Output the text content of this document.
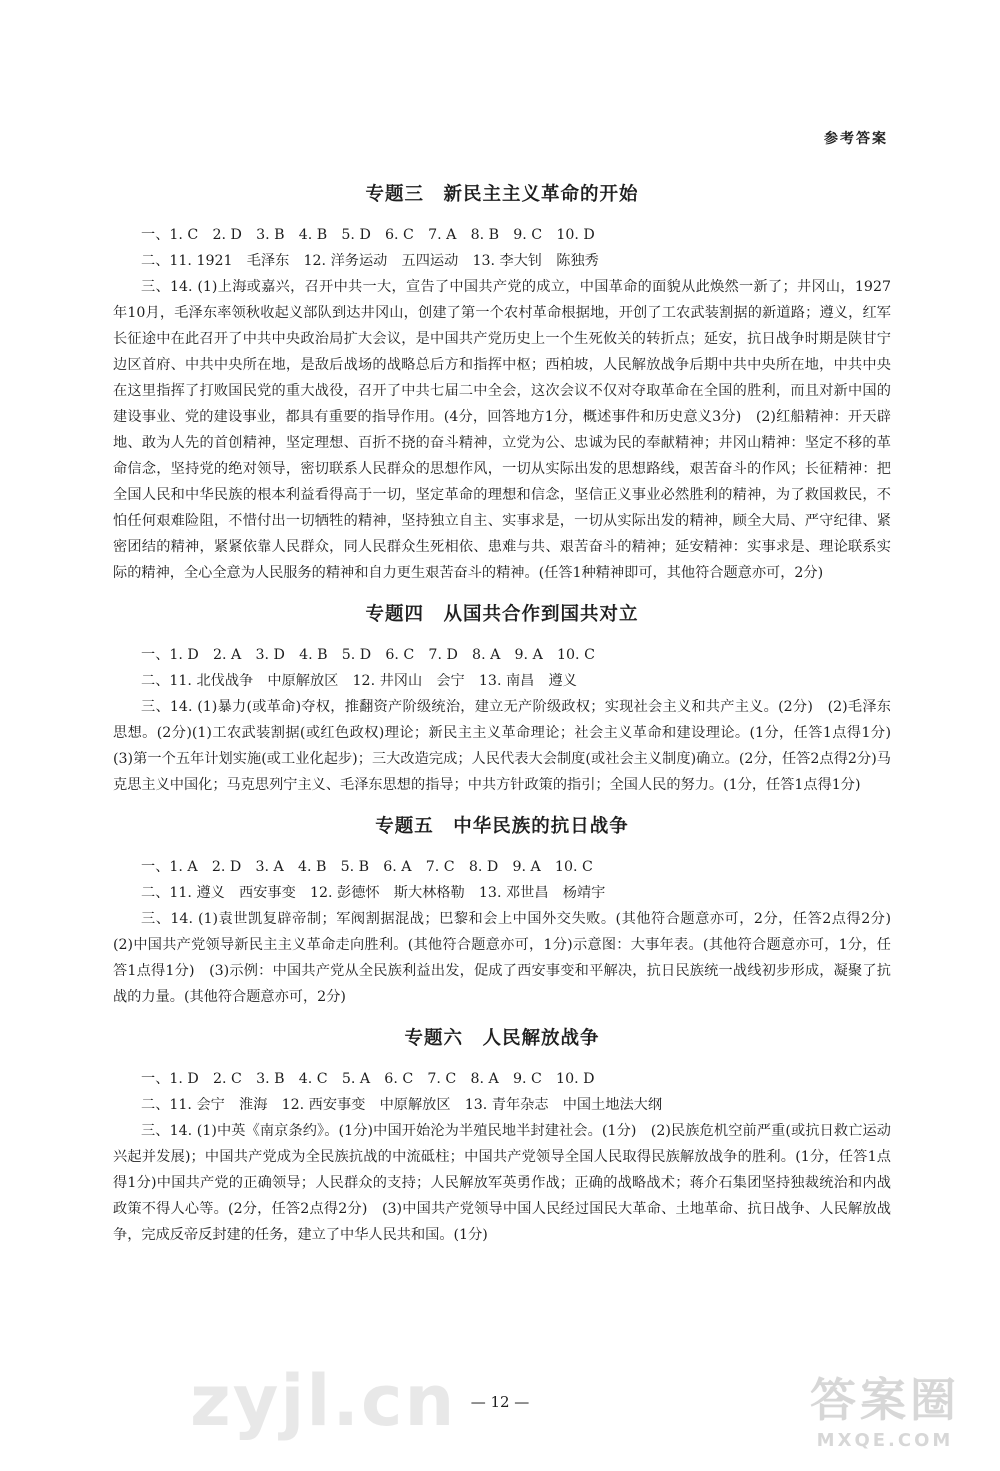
参考答案
专题三　新民主主义革命的开始

一、1. C　2. D　3. B　4. B　5. D　6. C　7. A　8. B　9. C　10. D

二、11. 1921　毛泽东　12. 洋务运动　五四运动　13. 李大钊　陈独秀

三、14. (1)上海或嘉兴，召开中共一大，宣告了中国共产党的成立，中国革命的面貌从此焕然一新了；井冈山，1927年10月，毛泽东率领秋收起义部队到达井冈山，创建了第一个农村革命根据地，开创了工农武装割据的新道路；遵义，红军长征途中在此召开了中共中央政治局扩大会议，是中国共产党历史上一个生死攸关的转折点；延安，抗日战争时期是陕甘宁边区首府、中共中央所在地，是敌后战场的战略总后方和指挥中枢；西柏坡，人民解放战争后期中共中央所在地，中共中央在这里指挥了打败国民党的重大战役，召开了中共七届二中全会，这次会议不仅对夺取革命在全国的胜利，而且对新中国的建设事业、党的建设事业，都具有重要的指导作用。(4分，回答地方1分，概述事件和历史意义3分)　(2)红船精神：开天辟地、敢为人先的首创精神，坚定理想、百折不挠的奋斗精神，立党为公、忠诚为民的奉献精神；井冈山精神：坚定不移的革命信念，坚持党的绝对领导，密切联系人民群众的思想作风，一切从实际出发的思想路线，艰苦奋斗的作风；长征精神：把全国人民和中华民族的根本利益看得高于一切，坚定革命的理想和信念，坚信正义事业必然胜利的精神，为了救国救民，不怕任何艰难险阻，不惜付出一切牺牲的精神，坚持独立自主、实事求是，一切从实际出发的精神，顾全大局、严守纪律、紧密团结的精神，紧紧依靠人民群众，同人民群众生死相依、患难与共、艰苦奋斗的精神；延安精神：实事求是、理论联系实际的精神，全心全意为人民服务的精神和自力更生艰苦奋斗的精神。(任答1种精神即可，其他符合题意亦可，2分)

专题四　从国共合作到国共对立

一、1. D　2. A　3. D　4. B　5. D　6. C　7. D　8. A　9. A　10. C

二、11. 北伐战争　中原解放区　12. 井冈山　会宁　13. 南昌　遵义

三、14. (1)暴力(或革命)夺权，推翻资产阶级统治，建立无产阶级政权；实现社会主义和共产主义。(2分)　(2)毛泽东思想。(2分)(1)工农武装割据(或红色政权)理论；新民主主义革命理论；社会主义革命和建设理论。(1分，任答1点得1分)　(3)第一个五年计划实施(或工业化起步)；三大改造完成；人民代表大会制度(或社会主义制度)确立。(2分，任答2点得2分)马克思主义中国化；马克思列宁主义、毛泽东思想的指导；中共方针政策的指引；全国人民的努力。(1分，任答1点得1分)

专题五　中华民族的抗日战争

一、1. A　2. D　3. A　4. B　5. B　6. A　7. C　8. D　9. A　10. C

二、11. 遵义　西安事变　12. 彭德怀　斯大林格勒　13. 邓世昌　杨靖宇

三、14. (1)袁世凯复辟帝制；军阀割据混战；巴黎和会上中国外交失败。(其他符合题意亦可，2分，任答2点得2分)　(2)中国共产党领导新民主主义革命走向胜利。(其他符合题意亦可，1分)示意图：大事年表。(其他符合题意亦可，1分，任答1点得1分)　(3)示例：中国共产党从全民族利益出发，促成了西安事变和平解决，抗日民族统一战线初步形成，凝聚了抗战的力量。(其他符合题意亦可，2分)

专题六　人民解放战争

一、1. D　2. C　3. B　4. C　5. A　6. C　7. C　8. A　9. C　10. D

二、11. 会宁　淮海　12. 西安事变　中原解放区　13. 青年杂志　中国土地法大纲

三、14. (1)中英《南京条约》。(1分)中国开始沦为半殖民地半封建社会。(1分)　(2)民族危机空前严重(或抗日救亡运动兴起并发展)；中国共产党成为全民族抗战的中流砥柱；中国共产党领导全国人民取得民族解放战争的胜利。(1分，任答1点得1分)中国共产党的正确领导；人民群众的支持；人民解放军英勇作战；正确的战略战术；蒋介石集团坚持独裁统治和内战政策不得人心等。(2分，任答2点得2分)　(3)中国共产党领导中国人民经过国民大革命、土地革命、抗日战争、人民解放战争，完成反帝反封建的任务，建立了中华人民共和国。(1分)

— 12 —
zyjl.cn	答案圈
MXQE.COM
